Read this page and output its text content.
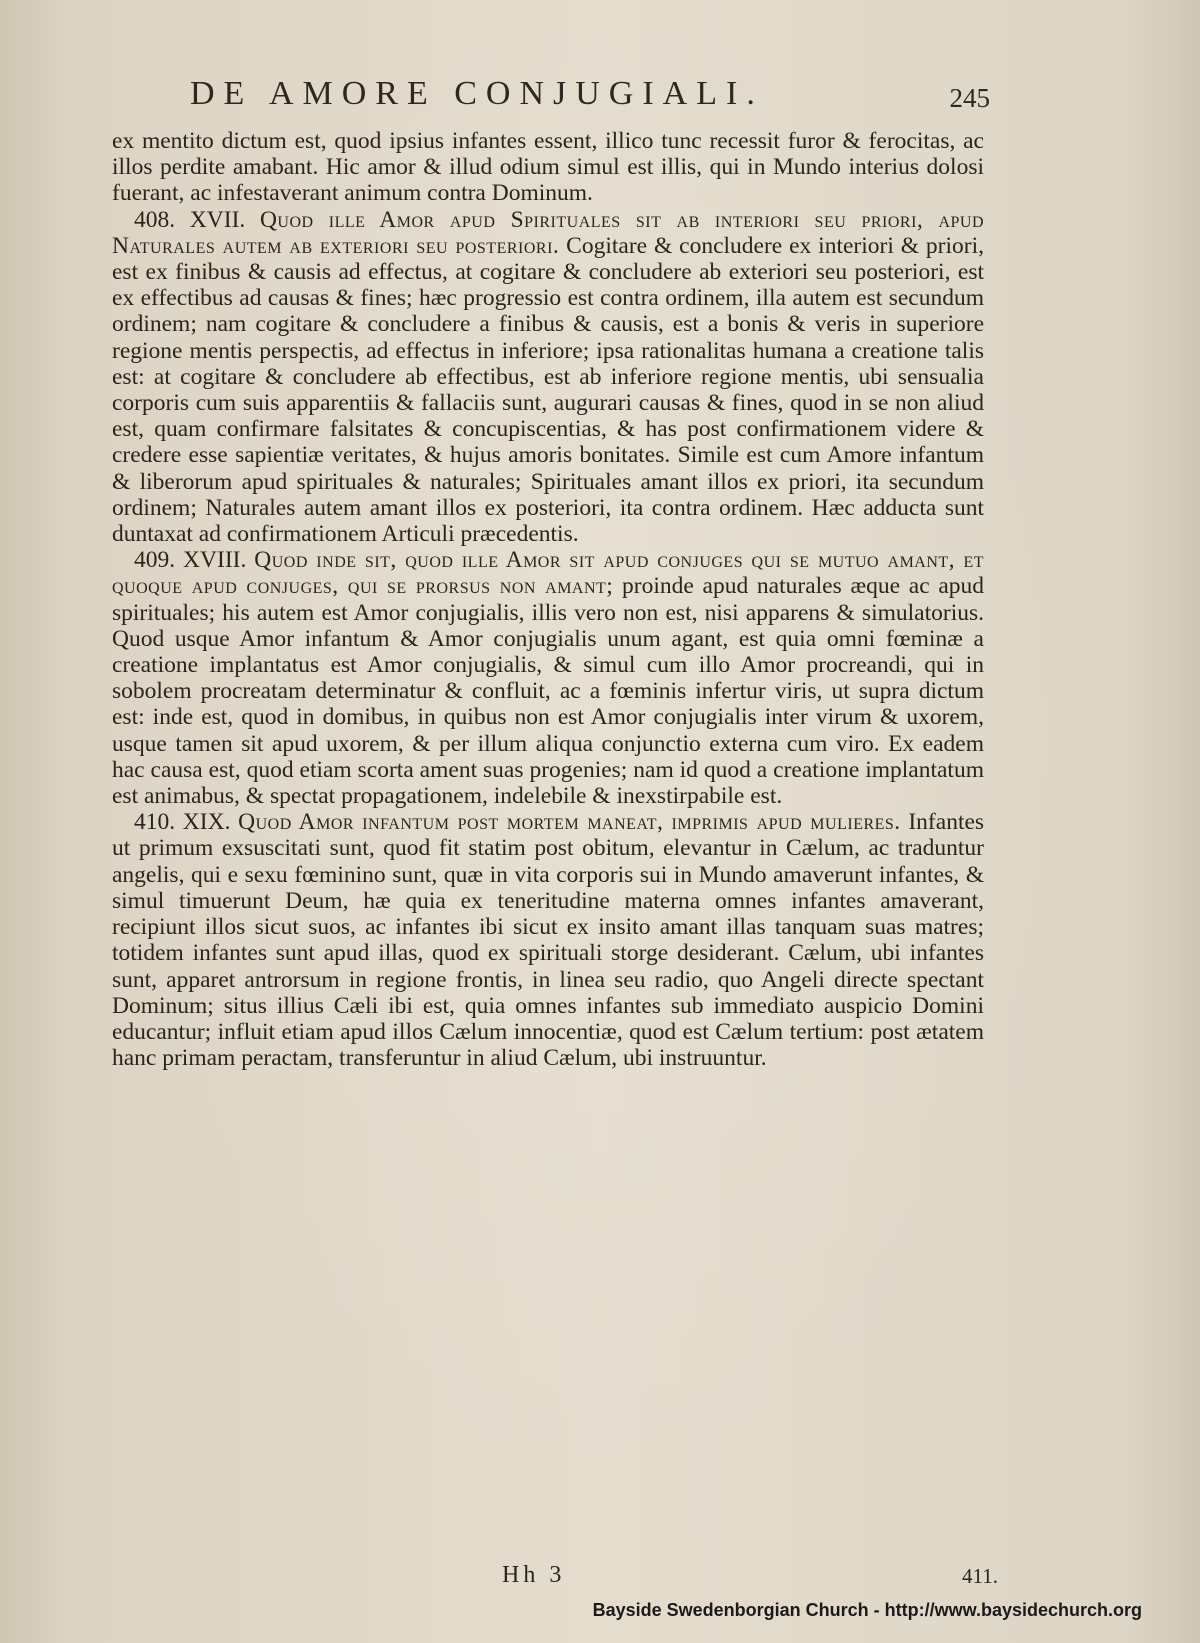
DE AMORE CONJUGIALI.	245

ex mentito dictum est, quod ipsius infantes essent, illico tunc recessit furor & ferocitas, ac illos perdite amabant. Hic amor & illud odium simul est illis, qui in Mundo interius dolosi fuerant, ac infestaverant animum contra Dominum.

408. XVII. Quod ille Amor apud Spirituales sit ab interiori seu priori, apud Naturales autem ab exteriori seu posteriori. Cogitare & concludere ex interiori & priori, est ex finibus & causis ad effectus, at cogitare & concludere ab exteriori seu posteriori, est ex effectibus ad causas & fines; hæc progressio est contra ordinem, illa autem est secundum ordinem; nam cogitare & concludere a finibus & causis, est a bonis & veris in superiore regione mentis perspectis, ad effectus in inferiore; ipsa rationalitas humana a creatione talis est: at cogitare & concludere ab effectibus, est ab inferiore regione mentis, ubi sensualia corporis cum suis apparentiis & fallaciis sunt, augurari causas & fines, quod in se non aliud est, quam confirmare falsitates & concupiscentias, & has post confirmationem videre & credere esse sapientiæ veritates, & hujus amoris bonitates. Simile est cum Amore infantum & liberorum apud spirituales & naturales; Spirituales amant illos ex priori, ita secundum ordinem; Naturales autem amant illos ex posteriori, ita contra ordinem. Hæc adducta sunt duntaxat ad confirmationem Articuli præcedentis.

409. XVIII. Quod inde sit, quod ille Amor sit apud conjuges qui se mutuo amant, et quoque apud conjuges, qui se prorsus non amant; proinde apud naturales æque ac apud spirituales; his autem est Amor conjugialis, illis vero non est, nisi apparens & simulatorius. Quod usque Amor infantum & Amor conjugialis unum agant, est quia omni fœminæ a creatione implantatus est Amor conjugialis, & simul cum illo Amor procreandi, qui in sobolem procreatam determinatur & confluit, ac a fœminis infertur viris, ut supra dictum est: inde est, quod in domibus, in quibus non est Amor conjugialis inter virum & uxorem, usque tamen sit apud uxorem, & per illum aliqua conjunctio externa cum viro. Ex eadem hac causa est, quod etiam scorta ament suas progenies; nam id quod a creatione implantatum est animabus, & spectat propagationem, indelebile & inexstirpabile est.

410. XIX. Quod Amor infantum post mortem maneat, imprimis apud mulieres. Infantes ut primum exsuscitati sunt, quod fit statim post obitum, elevantur in Cælum, ac traduntur angelis, qui e sexu fœminino sunt, quæ in vita corporis sui in Mundo amaverunt infantes, & simul timuerunt Deum, hæ quia ex teneritudine materna omnes infantes amaverant, recipiunt illos sicut suos, ac infantes ibi sicut ex insito amant illas tanquam suas matres; totidem infantes sunt apud illas, quod ex spirituali storge desiderant. Cælum, ubi infantes sunt, apparet antrorsum in regione frontis, in linea seu radio, quo Angeli directe spectant Dominum; situs illius Cæli ibi est, quia omnes infantes sub immediato auspicio Domini educantur; influit etiam apud illos Cælum innocentiæ, quod est Cælum tertium: post ætatem hanc primam peractam, transferuntur in aliud Cælum, ubi instruuntur.

Hh 3	411.
Bayside Swedenborgian Church - http://www.baysidechurch.org
